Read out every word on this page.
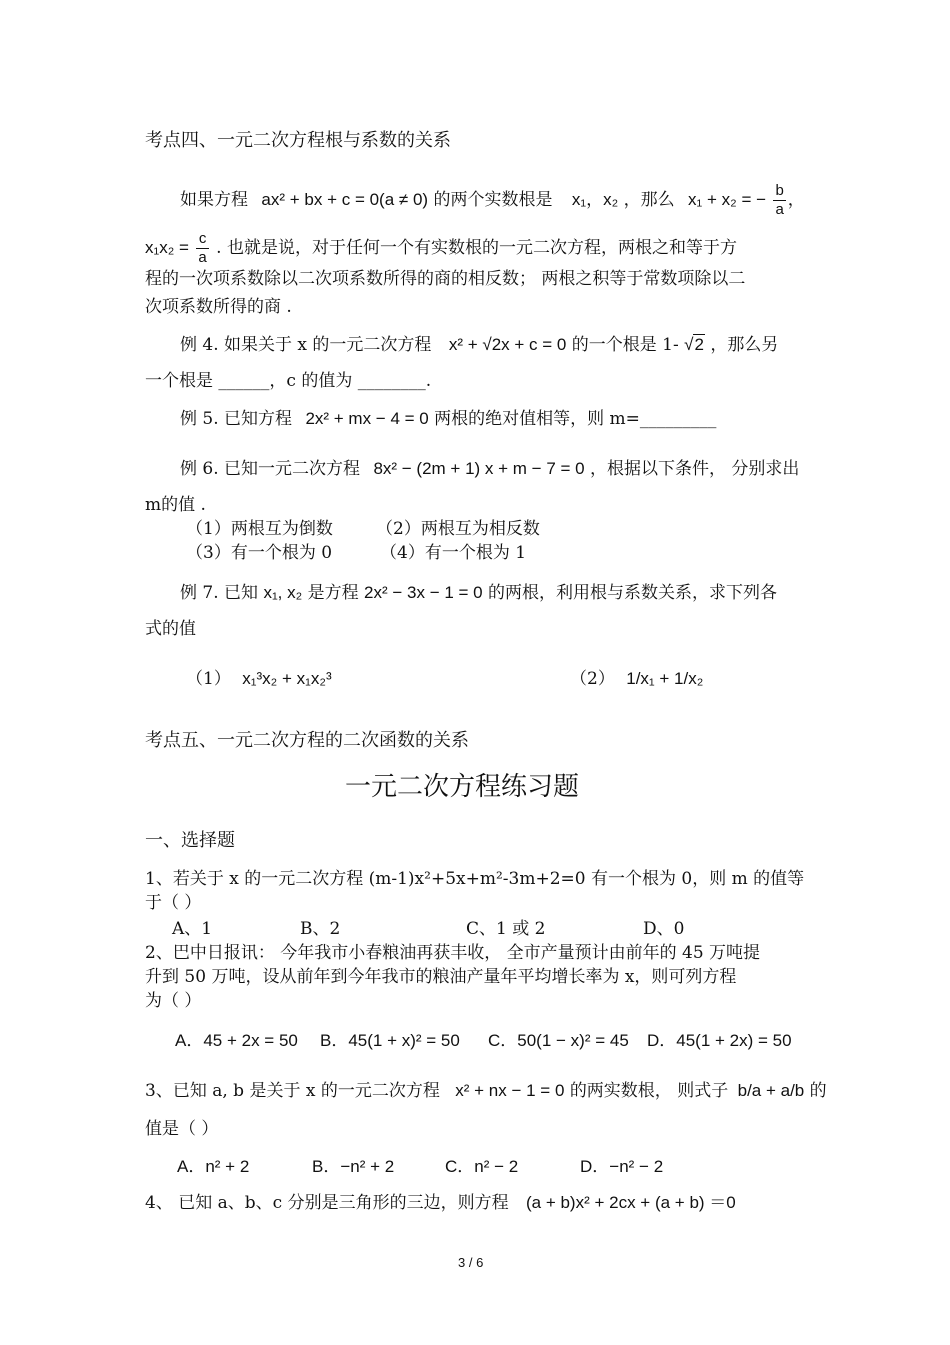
考点四、一元二次方程根与系数的关系
如果方程 ax² + bx + c = 0(a ≠ 0) 的两个实数根是 x₁，x₂ ，那么 x₁ + x₂ = − $\frac{b}{a}$ ，
$x_1x_2 = \frac{c}{a}$ . 也就是说，对于任何一个有实数根的一元二次方程，两根之和等于方
程的一次项系数除以二次项系数所得的商的相反数； 两根之积等于常数项除以二
次项系数所得的商 .
例 4. 如果关于 x 的一元二次方程 x² + √2x + c = 0 的一个根是 1- √2 ，那么另
一个根是 ______，c 的值为 ________.
例 5. 已知方程 2x² + mx − 4 = 0 两根的绝对值相等，则 m=_________
例 6. 已知一元二次方程 8x² − (2m + 1) x + m − 7 = 0 ，根据以下条件， 分别求出
m的值 .
（1）两根互为倒数	（2）两根互为相反数
（3）有一个根为 0	（4）有一个根为 1
例 7. 已知 x₁, x₂ 是方程 2x² − 3x − 1 = 0 的两根，利用根与系数关系，求下列各
式的值
（1） x₁³x₂ + x₁x₂³	（2） 1/x₁ + 1/x₂
考点五、一元二次方程的二次函数的关系
一元二次方程练习题
一、选择题
1、若关于 x 的一元二次方程 (m-1)x²+5x+m²-3m+2=0 有一个根为 0，则 m 的值等
于（ ）
A、1	B、2	C、1 或 2	D、0
2、巴中日报讯： 今年我市小春粮油再获丰收， 全市产量预计由前年的 45 万吨提
升到 50 万吨，设从前年到今年我市的粮油产量年平均增长率为 x，则可列方程
为（ ）
A．45 + 2x = 50 B．45(1 + x)² = 50 C．50(1 − x)² = 45 D．45(1 + 2x) = 50
3、已知 a, b 是关于 x 的一元二次方程 x² + nx − 1 = 0 的两实数根， 则式子 b/a + a/b 的
值是（ ）
A．n² + 2	B．−n² + 2	C．n² − 2	D．−n² − 2
4、 已知 a、b、c 分别是三角形的三边，则方程 (a + b)x² + 2cx + (a + b) ＝0
3 / 6
